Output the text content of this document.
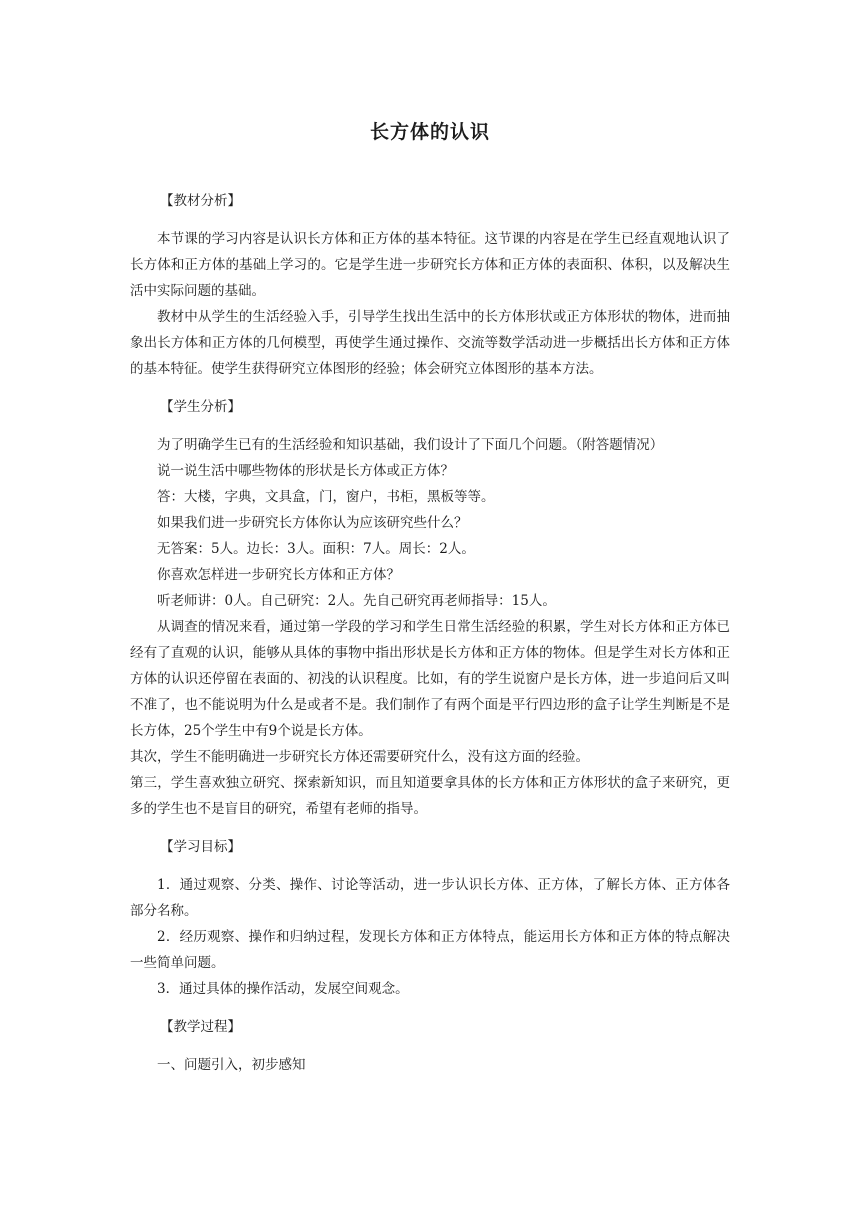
长方体的认识

【教材分析】

本节课的学习内容是认识长方体和正方体的基本特征。这节课的内容是在学生已经直观地认识了长方体和正方体的基础上学习的。它是学生进一步研究长方体和正方体的表面积、体积，以及解决生活中实际问题的基础。

教材中从学生的生活经验入手，引导学生找出生活中的长方体形状或正方体形状的物体，进而抽象出长方体和正方体的几何模型，再使学生通过操作、交流等数学活动进一步概括出长方体和正方体的基本特征。使学生获得研究立体图形的经验；体会研究立体图形的基本方法。

【学生分析】

为了明确学生已有的生活经验和知识基础，我们设计了下面几个问题。（附答题情况）

说一说生活中哪些物体的形状是长方体或正方体？

答：大楼，字典，文具盒，门，窗户，书柜，黑板等等。

如果我们进一步研究长方体你认为应该研究些什么？

无答案：5人。边长：3人。面积：7人。周长：2人。

你喜欢怎样进一步研究长方体和正方体？

听老师讲：0人。自己研究：2人。先自己研究再老师指导：15人。

从调查的情况来看，通过第一学段的学习和学生日常生活经验的积累，学生对长方体和正方体已经有了直观的认识，能够从具体的事物中指出形状是长方体和正方体的物体。但是学生对长方体和正方体的认识还停留在表面的、初浅的认识程度。比如，有的学生说窗户是长方体，进一步追问后又叫不准了，也不能说明为什么是或者不是。我们制作了有两个面是平行四边形的盒子让学生判断是不是长方体，25个学生中有9个说是长方体。

其次，学生不能明确进一步研究长方体还需要研究什么，没有这方面的经验。

第三，学生喜欢独立研究、探索新知识，而且知道要拿具体的长方体和正方体形状的盒子来研究，更多的学生也不是盲目的研究，希望有老师的指导。

【学习目标】

1．通过观察、分类、操作、讨论等活动，进一步认识长方体、正方体，了解长方体、正方体各部分名称。

2．经历观察、操作和归纳过程，发现长方体和正方体特点，能运用长方体和正方体的特点解决一些简单问题。

3．通过具体的操作活动，发展空间观念。

【教学过程】

一、问题引入，初步感知
